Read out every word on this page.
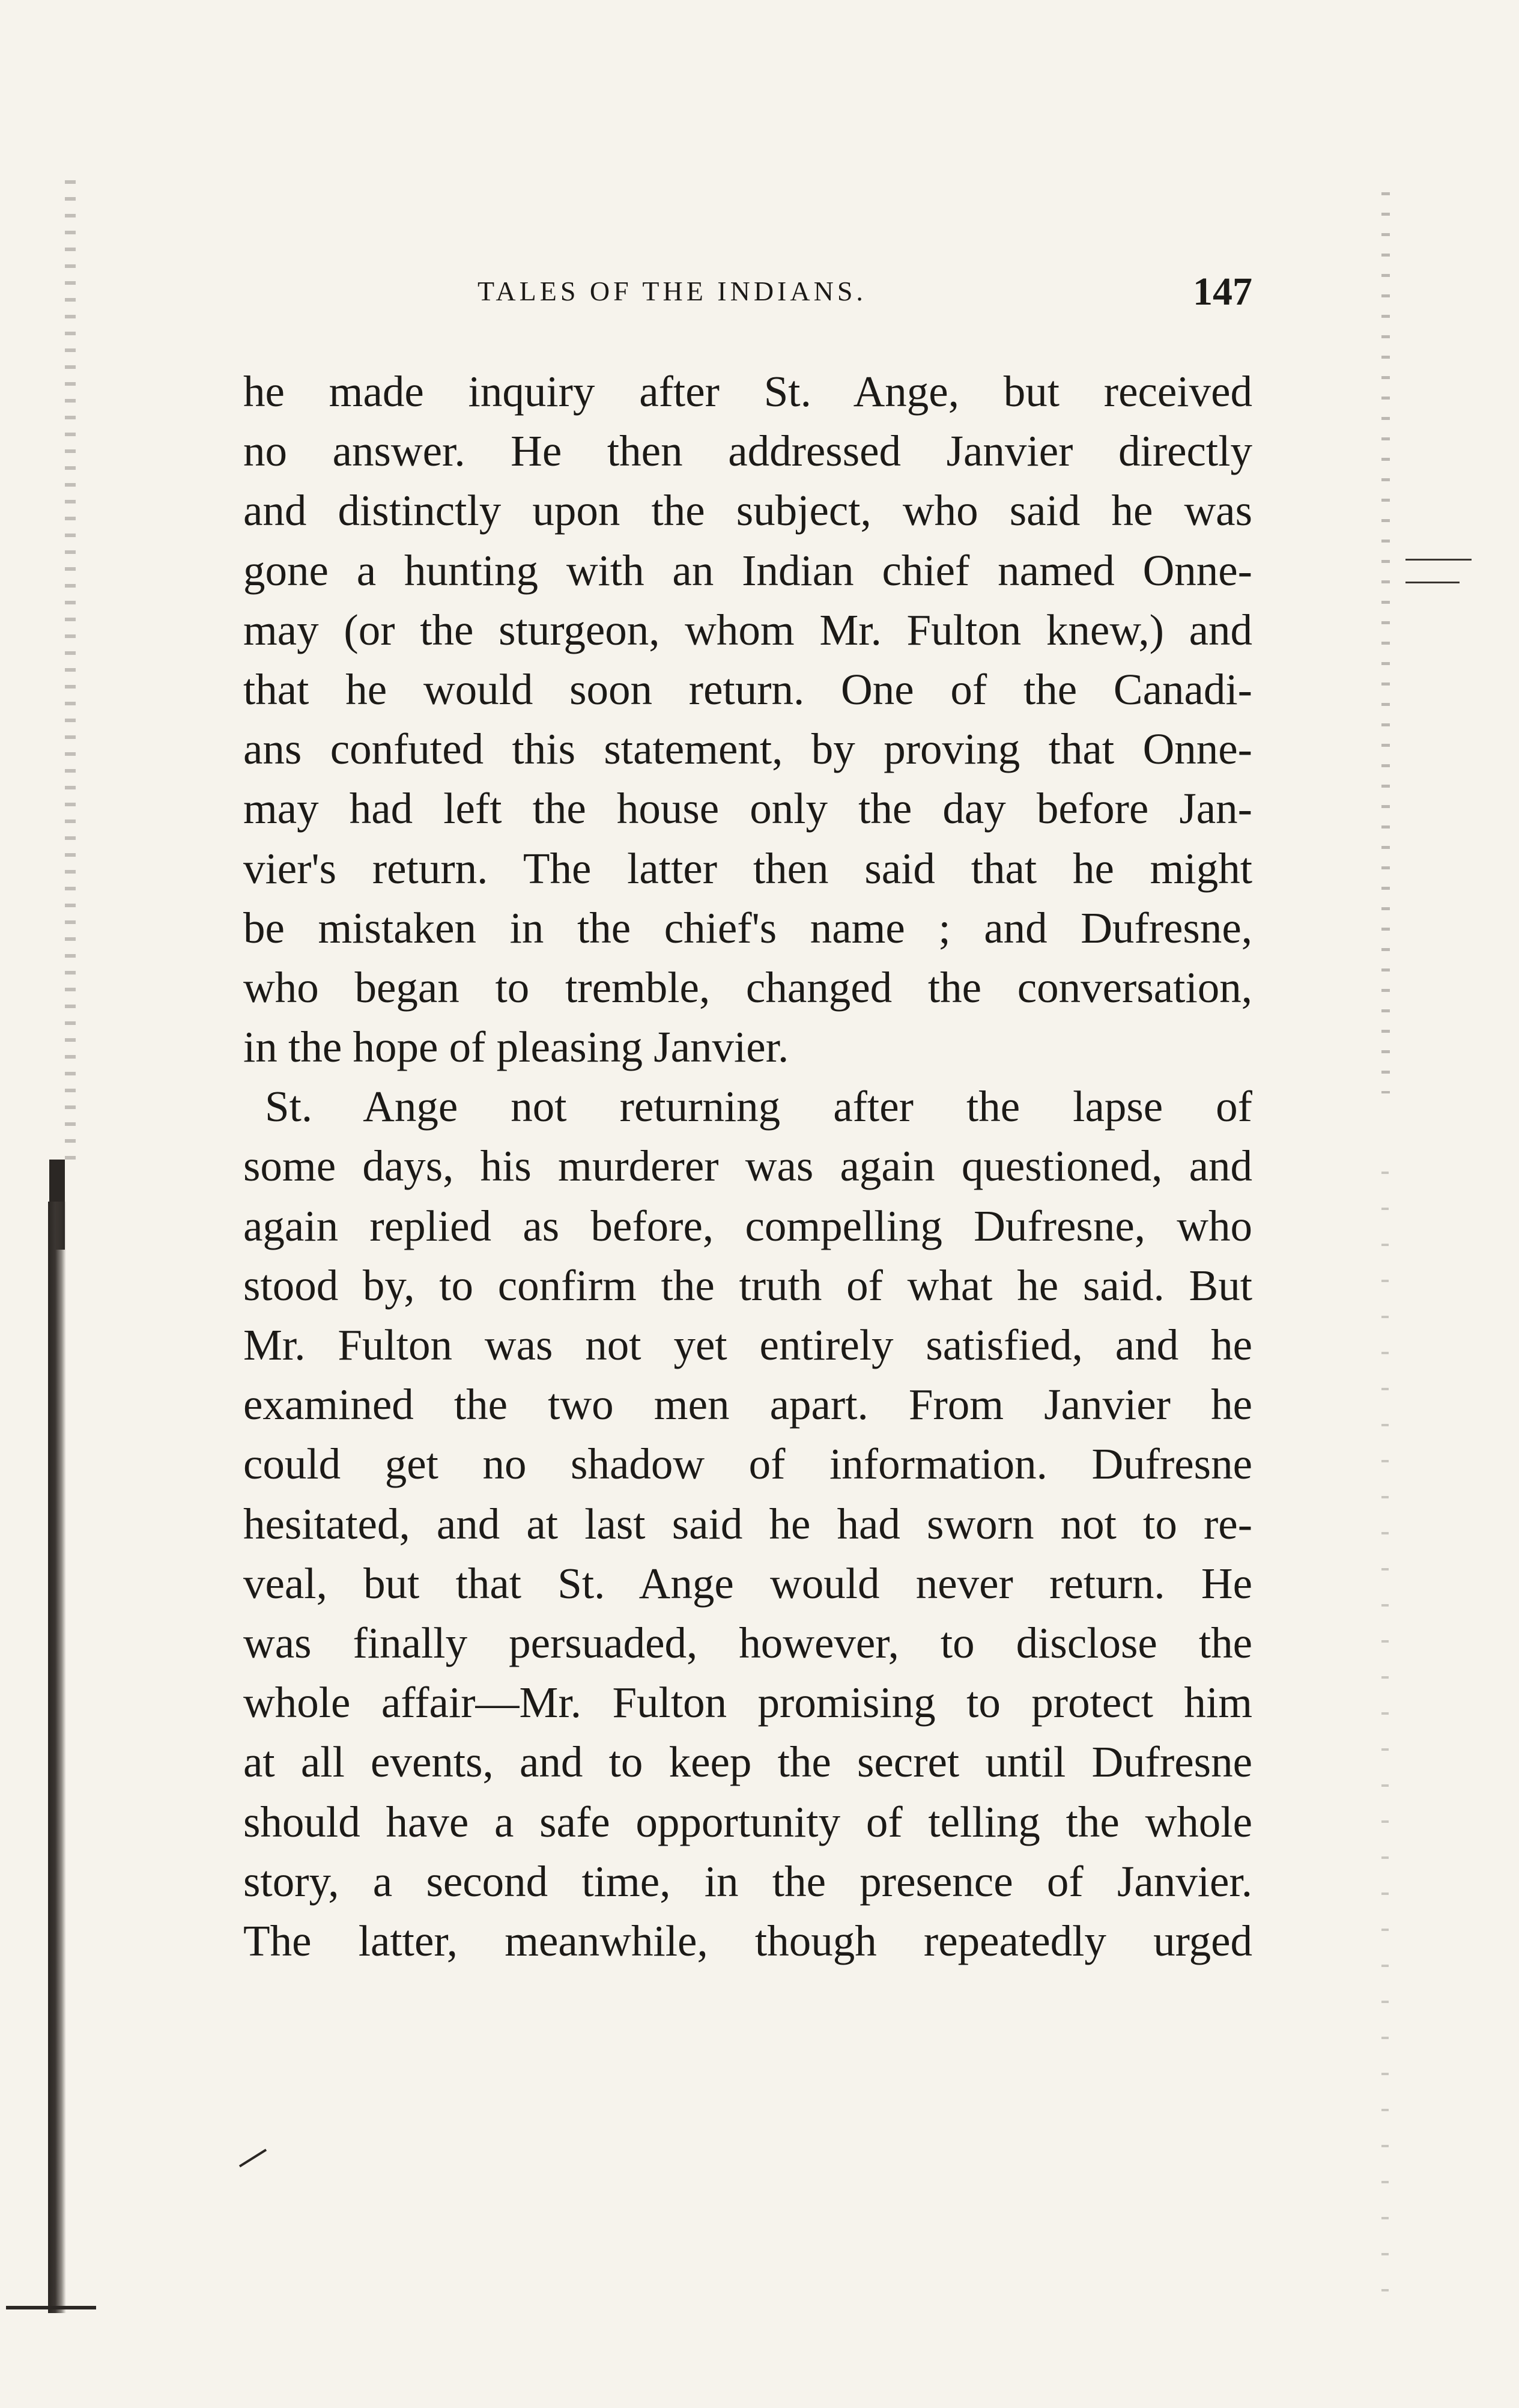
TALES OF THE INDIANS.	147
he made inquiry after St. Ange, but received
no answer. He then addressed Janvier directly
and distinctly upon the subject, who said he was
gone a hunting with an Indian chief named Onne-
may (or the sturgeon, whom Mr. Fulton knew,) and
that he would soon return. One of the Canadi-
ans confuted this statement, by proving that Onne-
may had left the house only the day before Jan-
vier's return. The latter then said that he might
be mistaken in the chief's name ; and Dufresne,
who began to tremble, changed the conversation,
in the hope of pleasing Janvier.
St. Ange not returning after the lapse of
some days, his murderer was again questioned, and
again replied as before, compelling Dufresne, who
stood by, to confirm the truth of what he said. But
Mr. Fulton was not yet entirely satisfied, and he
examined the two men apart. From Janvier he
could get no shadow of information. Dufresne
hesitated, and at last said he had sworn not to re-
veal, but that St. Ange would never return. He
was finally persuaded, however, to disclose the
whole affair—Mr. Fulton promising to protect him
at all events, and to keep the secret until Dufresne
should have a safe opportunity of telling the whole
story, a second time, in the presence of Janvier.
The latter, meanwhile, though repeatedly urged
